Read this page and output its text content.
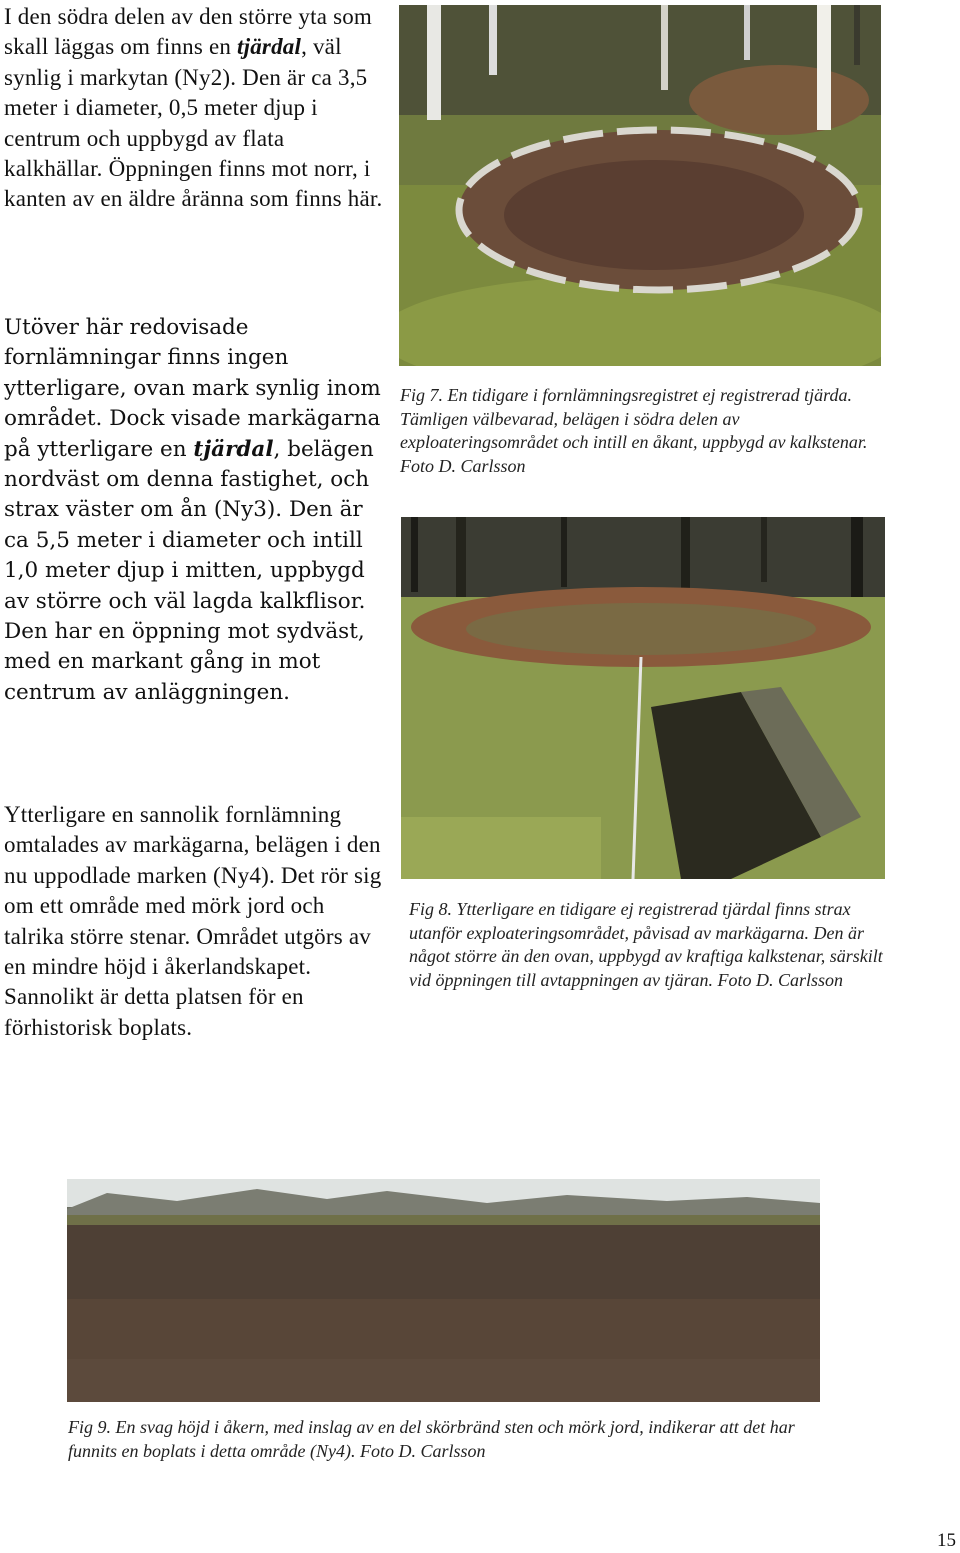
I den södra delen av den större yta som skall läggas om finns en tjärdal, väl synlig i markytan (Ny2). Den är ca 3,5 meter i diameter, 0,5 meter djup i centrum och uppbygd av flata kalkhällar. Öppningen finns mot norr, i kanten av en äldre åränna som finns här.

Utöver här redovisade fornlämningar finns ingen ytterligare, ovan mark synlig inom området. Dock visade markägarna på ytterligare en tjärdal, belägen nordväst om denna fastighet, och strax väster om ån (Ny3). Den är ca 5,5 meter i diameter och intill 1,0 meter djup i mitten, uppbygd av större och väl lagda kalkflisor. Den har en öppning mot sydväst, med en markant gång in mot centrum av anläggningen.

Ytterligare en sannolik fornlämning omtalades av markägarna, belägen i den nu uppodlade marken (Ny4). Det rör sig om ett område med mörk jord och talrika större stenar. Området utgörs av en mindre höjd i åkerlandskapet. Sannolikt är detta platsen för en förhistorisk boplats.

Fig 7. En tidigare i fornlämningsregistret ej registrerad tjärda. Tämligen välbevarad, belägen i södra delen av exploateringsområdet och intill en åkant, uppbygd av kalkstenar. Foto D. Carlsson

Fig 8. Ytterligare en tidigare ej registrerad tjärdal finns strax utanför exploateringsområdet, påvisad av markägarna. Den är något större än den ovan, uppbygd av kraftiga kalkstenar, särskilt vid öppningen till avtappningen av tjäran. Foto D. Carlsson

Fig 9. En svag höjd i åkern, med inslag av en del skörbränd sten och mörk jord, indikerar att det har funnits en boplats i detta område (Ny4). Foto D. Carlsson

15
